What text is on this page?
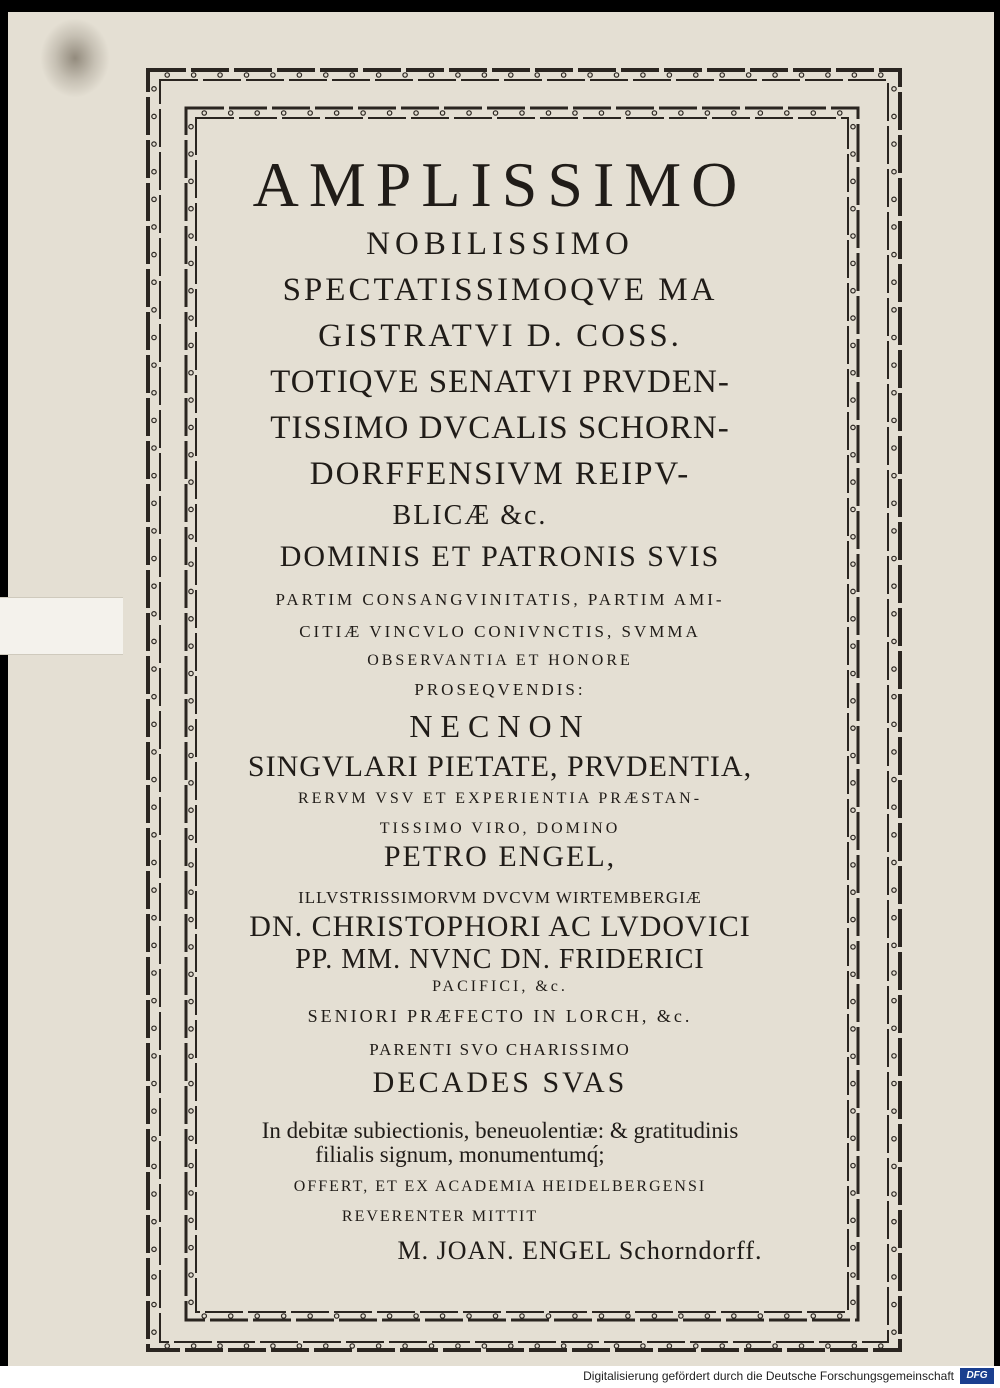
AMPLISSIMO
NOBILISSIMO
SPECTATISSIMOQVE MA
GISTRATVI D. COSS.
TOTIQVE SENATVI PRVDEN-
TISSIMO DVCALIS SCHORN-
DORFFENSIVM REIPV-
BLICÆ &c.
DOMINIS ET PATRONIS SVIS
PARTIM CONSANGVINITATIS, PARTIM AMI-
CITIÆ VINCVLO CONIVNCTIS, SVMMA
OBSERVANTIA ET HONORE
PROSEQVENDIS:
NECNON
SINGVLARI PIETATE, PRVDENTIA,
RERVM VSV ET EXPERIENTIA PRÆSTAN-
TISSIMO VIRO, DOMINO
PETRO ENGEL,
ILLVSTRISSIMORVM DVCVM WIRTEMBERGIÆ
DN. CHRISTOPHORI AC LVDOVICI
PP. MM. NVNC DN. FRIDERICI
PACIFICI, &c.
SENIORI PRÆFECTO IN LORCH, &c.
PARENTI SVO CHARISSIMO
DECADES SVAS
In debitæ subiectionis, beneuolentiæ: & gratitudinis
filialis signum, monumentumq́;
OFFERT, ET EX ACADEMIA HEIDELBERGENSI
REVERENTER MITTIT
M. JOAN. ENGEL Schorndorff.
Digitalisierung gefördert durch die Deutsche Forschungsgemeinschaft	DFG
